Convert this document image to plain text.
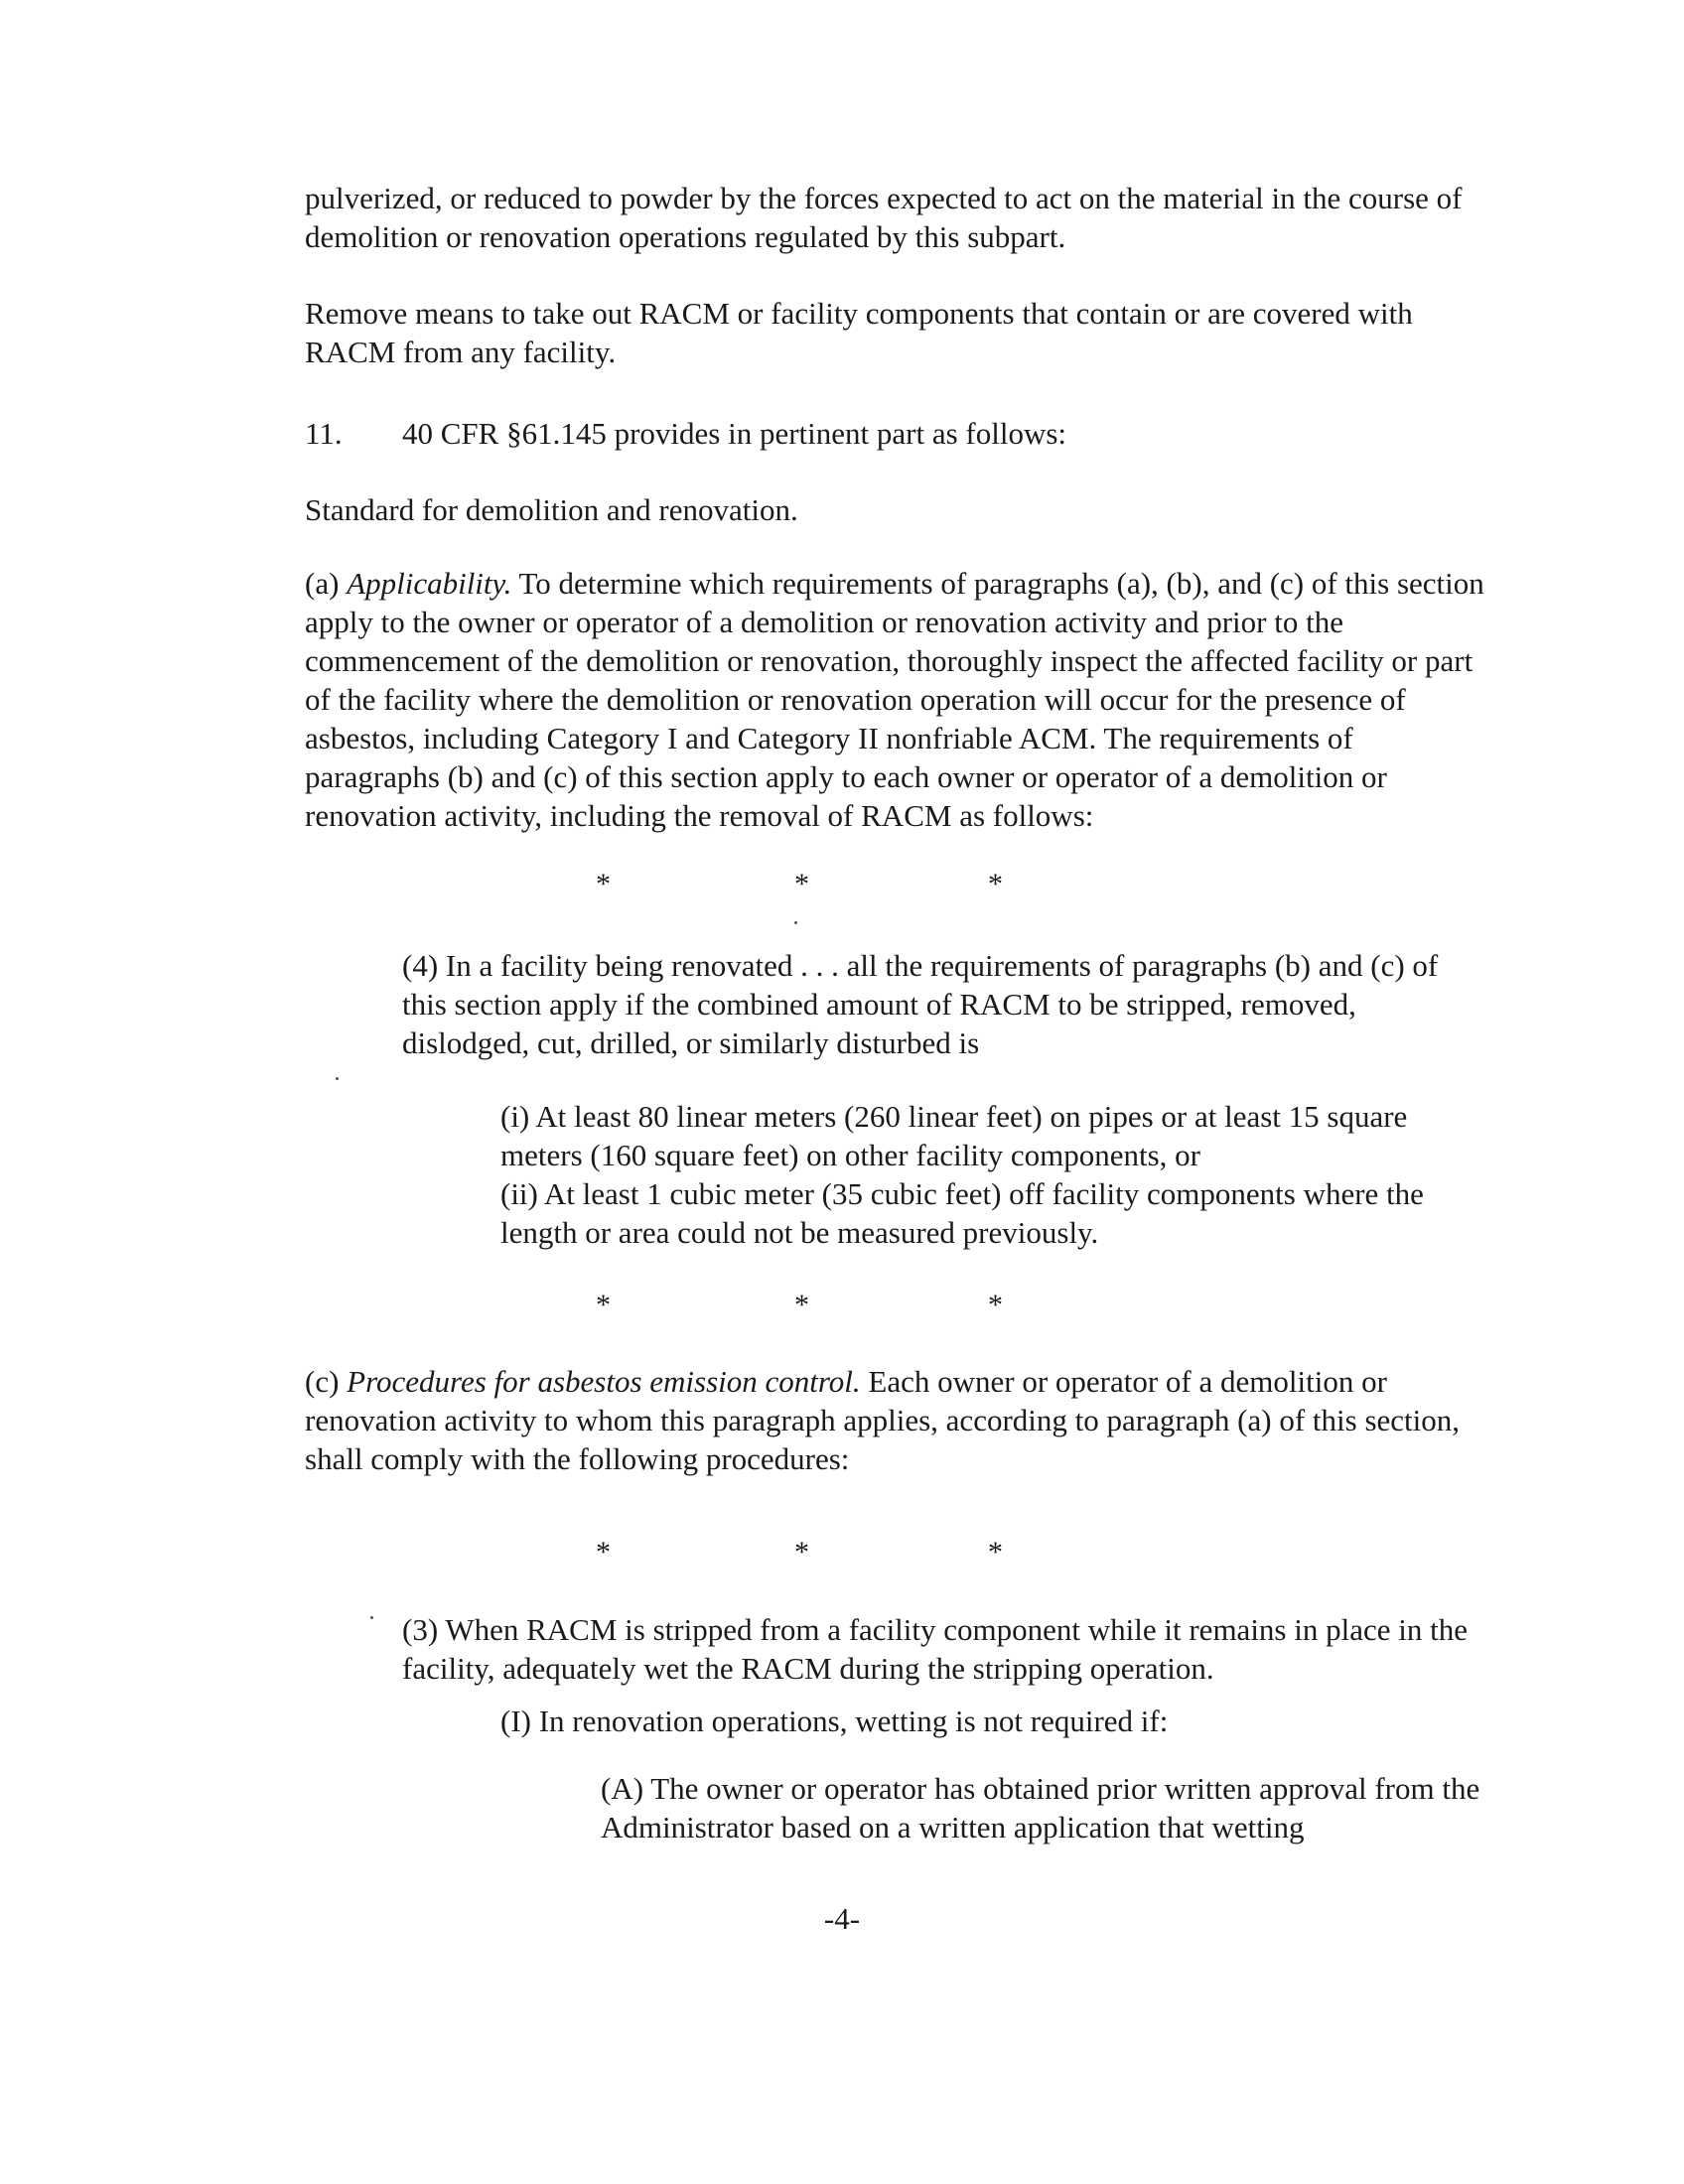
pulverized, or reduced to powder by the forces expected to act on the material in the course of demolition or renovation operations regulated by this subpart.

Remove means to take out RACM or facility components that contain or are covered with RACM from any facility.

11. 40 CFR §61.145 provides in pertinent part as follows:

Standard for demolition and renovation.

(a) Applicability. To determine which requirements of paragraphs (a), (b), and (c) of this section apply to the owner or operator of a demolition or renovation activity and prior to the commencement of the demolition or renovation, thoroughly inspect the affected facility or part of the facility where the demolition or renovation operation will occur for the presence of asbestos, including Category I and Category II nonfriable ACM. The requirements of paragraphs (b) and (c) of this section apply to each owner or operator of a demolition or renovation activity, including the removal of RACM as follows:

*	*	*

(4) In a facility being renovated . . . all the requirements of paragraphs (b) and (c) of this section apply if the combined amount of RACM to be stripped, removed, dislodged, cut, drilled, or similarly disturbed is

(i) At least 80 linear meters (260 linear feet) on pipes or at least 15 square meters (160 square feet) on other facility components, or

(ii) At least 1 cubic meter (35 cubic feet) off facility components where the length or area could not be measured previously.

*	*	*

(c) Procedures for asbestos emission control. Each owner or operator of a demolition or renovation activity to whom this paragraph applies, according to paragraph (a) of this section, shall comply with the following procedures:

*	*	*

(3) When RACM is stripped from a facility component while it remains in place in the facility, adequately wet the RACM during the stripping operation.

(I) In renovation operations, wetting is not required if:

(A) The owner or operator has obtained prior written approval from the Administrator based on a written application that wetting

-4-
